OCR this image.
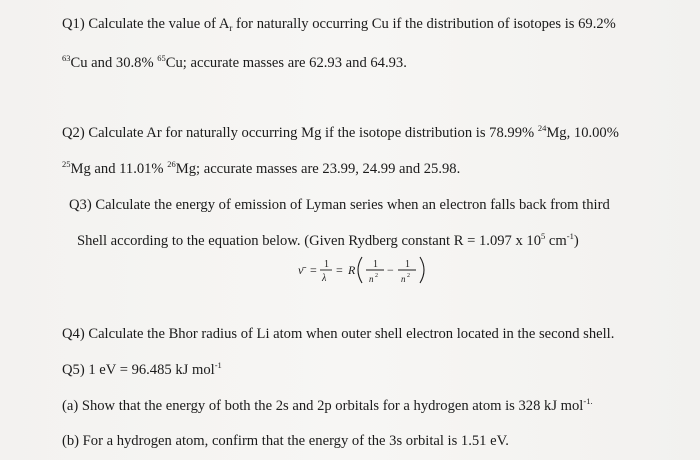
Q1) Calculate the value of $A_r$ for naturally occurring Cu if the distribution of isotopes is 69.2%
$^{63}$Cu and 30.8% $^{65}$Cu; accurate masses are 62.93 and 64.93.
Q2) Calculate Ar for naturally occurring Mg if the isotope distribution is 78.99% $^{24}$Mg, 10.00%
$^{25}$Mg and 11.01% $^{26}$Mg; accurate masses are 23.99, 24.99 and 25.98.
Q3) Calculate the energy of emission of Lyman series when an electron falls back from third
Shell according to the equation below. (Given Rydberg constant R = 1.097 x $10^5$ $cm^{-1}$)
ν̄ = 1
λ
= R 1
n 2 − 1
n 2
Q4) Calculate the Bhor radius of Li atom when outer shell electron located in the second shell.
Q5) 1 eV = 96.485 kJ mol$^{-1}$
(a) Show that the energy of both the 2s and 2p orbitals for a hydrogen atom is 328 kJ mol$^{-1.}$
(b) For a hydrogen atom, confirm that the energy of the 3s orbital is 1.51 eV.
